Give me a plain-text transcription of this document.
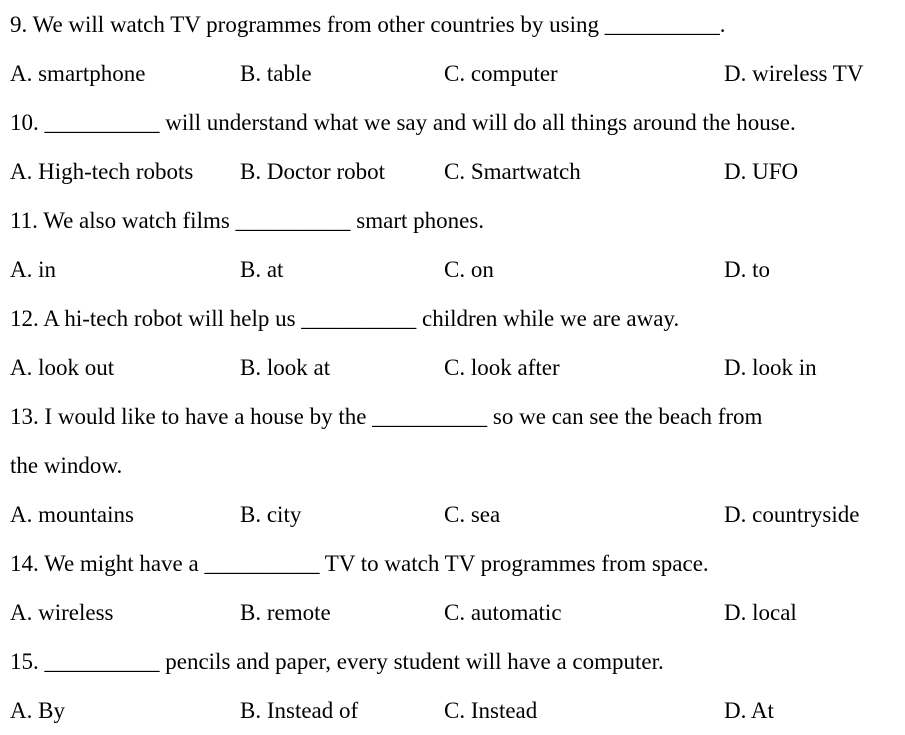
9. We will watch TV programmes from other countries by using __________.
A. smartphone	B. table	C. computer	D. wireless TV
10. __________ will understand what we say and will do all things around the house.
A. High-tech robots B. Doctor robot	C. Smartwatch	D. UFO
11. We also watch films __________ smart phones.
A. in	B. at	C. on	D. to
12. A hi-tech robot will help us __________ children while we are away.
A. look out	B. look at	C. look after	D. look in
13. I would like to have a house by the __________ so we can see the beach from
the window.
A. mountains	B. city	C. sea	D. countryside
14. We might have a __________ TV to watch TV programmes from space.
A. wireless	B. remote	C. automatic	D. local
15. __________ pencils and paper, every student will have a computer.
A. By	B. Instead of	C. Instead	D. At
